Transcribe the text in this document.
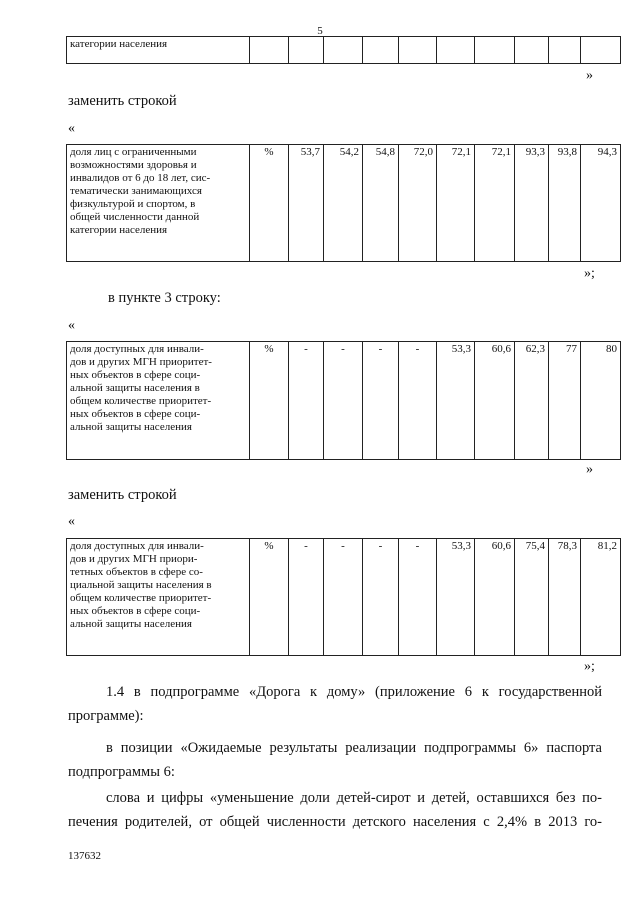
5
категории населения										
»
заменить строкой
«
доля лиц с ограниченными
возможностями здоровья и
инвалидов от 6 до 18 лет, сис-
тематически занимающихся
физкультурой и спортом, в
общей численности данной
категории населения
	%	53,7	54,2	54,8	72,0	72,1	72,1	93,3	93,8	94,3
»;
в пункте 3 строку:
«
доля доступных для инвали-
дов и других МГН приоритет-
ных объектов в сфере соци-
альной защиты населения в
общем количестве приоритет-
ных объектов в сфере соци-
альной защиты населения
	%	-	-	-	-	53,3	60,6	62,3	77	80
»
заменить строкой
«
доля доступных для инвали-
дов и других МГН приори-
тетных объектов в сфере со-
циальной защиты населения в
общем количестве приоритет-
ных объектов в сфере соци-
альной защиты населения
	%	-	-	-	-	53,3	60,6	75,4	78,3	81,2
»;
1.4 в подпрограмме «Дорога к дому» (приложение 6 к государственной
программе):
в позиции «Ожидаемые результаты реализации подпрограммы 6» паспорта
подпрограммы 6:
слова и цифры «уменьшение доли детей-сирот и детей, оставшихся без по-
печения родителей, от общей численности детского населения с 2,4% в 2013 го-
137632
